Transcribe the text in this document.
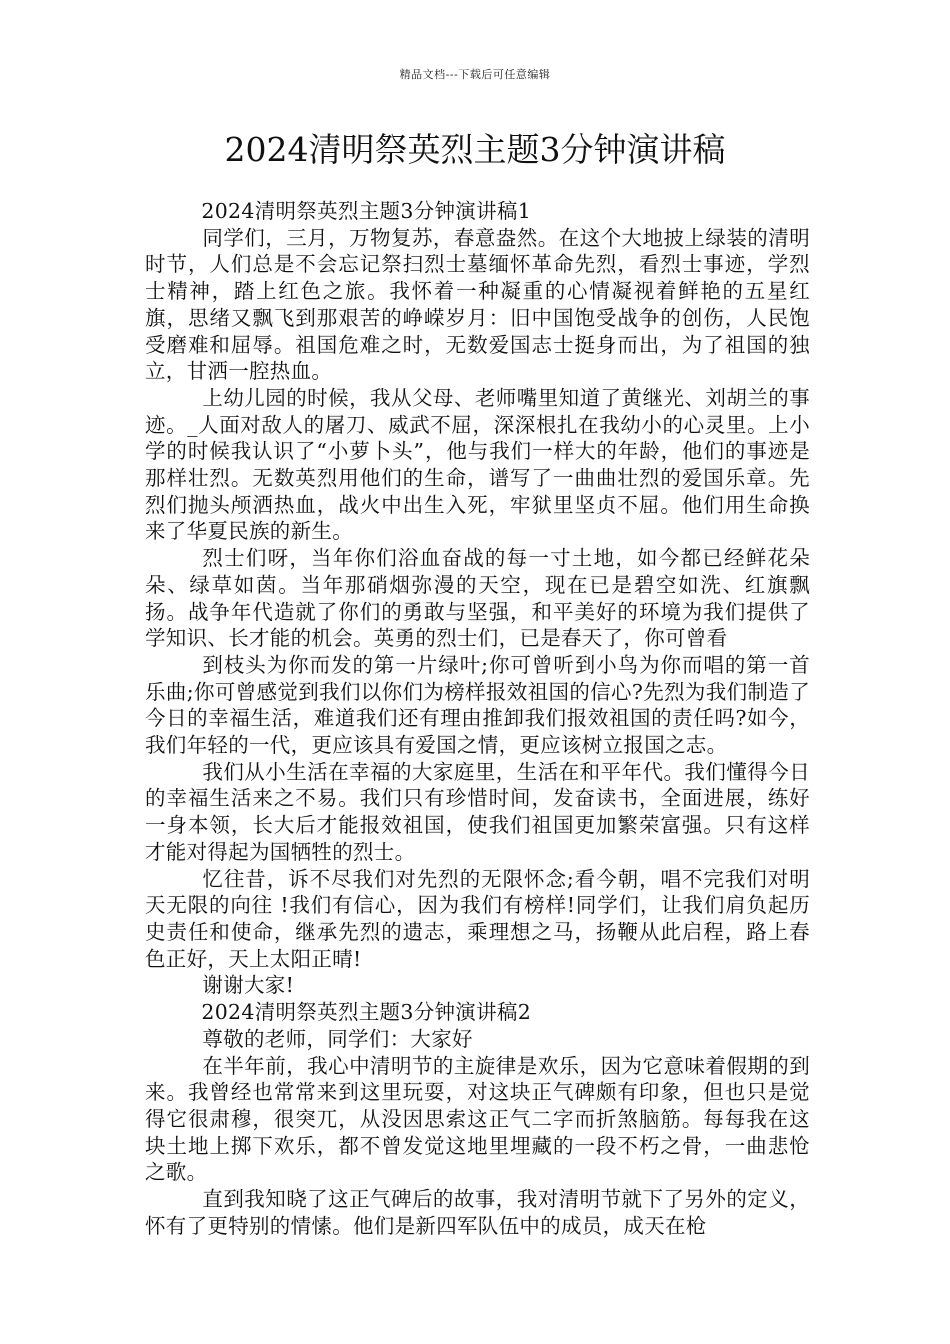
精品文档---下载后可任意编辑
2024清明祭英烈主题3分钟演讲稿

2024清明祭英烈主题3分钟演讲稿1

同学们，三月，万物复苏，春意盎然。在这个大地披上绿装的清明时节，人们总是不会忘记祭扫烈士墓缅怀革命先烈，看烈士事迹，学烈士精神，踏上红色之旅。我怀着一种凝重的心情凝视着鲜艳的五星红旗，思绪又飘飞到那艰苦的峥嵘岁月：旧中国饱受战争的创伤，人民饱受磨难和屈辱。祖国危难之时，无数爱国志士挺身而出，为了祖国的独立，甘洒一腔热血。

上幼儿园的时候，我从父母、老师嘴里知道了黄继光、刘胡兰的事迹。_人面对敌人的屠刀、威武不屈，深深根扎在我幼小的心灵里。上小学的时候我认识了“小萝卜头”，他与我们一样大的年龄，他们的事迹是那样壮烈。无数英烈用他们的生命，谱写了一曲曲壮烈的爱国乐章。先烈们抛头颅洒热血，战火中出生入死，牢狱里坚贞不屈。他们用生命换来了华夏民族的新生。

烈士们呀，当年你们浴血奋战的每一寸土地，如今都已经鲜花朵朵、绿草如茵。当年那硝烟弥漫的天空，现在已是碧空如洗、红旗飘扬。战争年代造就了你们的勇敢与坚强，和平美好的环境为我们提供了学知识、长才能的机会。英勇的烈士们，已是春天了，你可曾看

到枝头为你而发的第一片绿叶;你可曾听到小鸟为你而唱的第一首乐曲;你可曾感觉到我们以你们为榜样报效祖国的信心?先烈为我们制造了今日的幸福生活，难道我们还有理由推卸我们报效祖国的责任吗?如今，我们年轻的一代，更应该具有爱国之情，更应该树立报国之志。

我们从小生活在幸福的大家庭里，生活在和平年代。我们懂得今日的幸福生活来之不易。我们只有珍惜时间，发奋读书，全面进展，练好一身本领，长大后才能报效祖国，使我们祖国更加繁荣富强。只有这样才能对得起为国牺牲的烈士。

忆往昔，诉不尽我们对先烈的无限怀念;看今朝，唱不完我们对明天无限的向往 !我们有信心，因为我们有榜样!同学们，让我们肩负起历史责任和使命，继承先烈的遗志，乘理想之马，扬鞭从此启程，路上春色正好，天上太阳正晴!

谢谢大家!

2024清明祭英烈主题3分钟演讲稿2

尊敬的老师，同学们：大家好

在半年前，我心中清明节的主旋律是欢乐，因为它意味着假期的到来。我曾经也常常来到这里玩耍，对这块正气碑颇有印象，但也只是觉得它很肃穆，很突兀，从没因思索这正气二字而折煞脑筋。每每我在这块土地上掷下欢乐，都不曾发觉这地里埋藏的一段不朽之骨，一曲悲怆之歌。

直到我知晓了这正气碑后的故事，我对清明节就下了另外的定义，怀有了更特别的情愫。他们是新四军队伍中的成员，成天在枪
